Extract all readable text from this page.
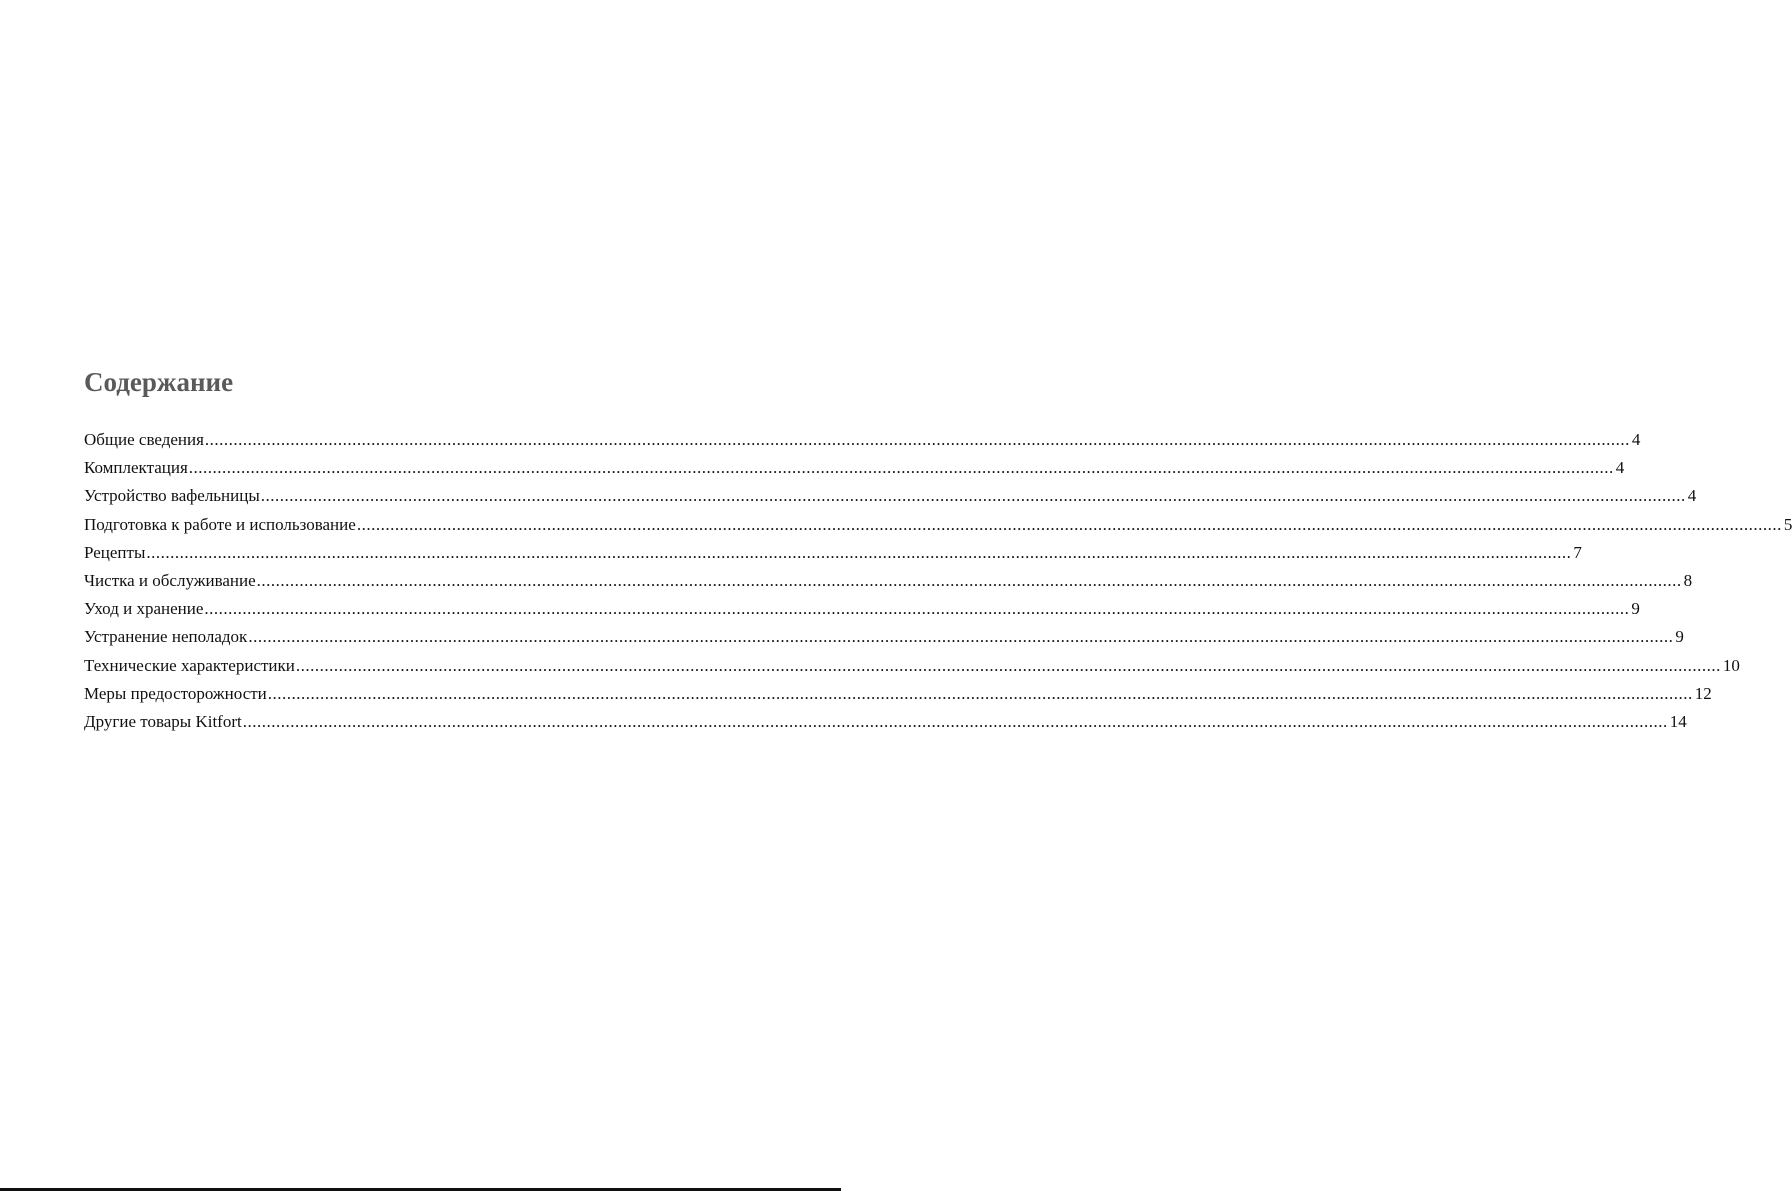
Содержание
Общие сведения ............................................................................................................................................................................................................................................................................................................ 4
Комплектация ............................................................................................................................................................................................................................................................................................................ 4
Устройство вафельницы ............................................................................................................................................................................................................................................................................................................ 4
Подготовка к работе и использование ............................................................................................................................................................................................................................................................................................................ 5
Рецепты ............................................................................................................................................................................................................................................................................................................ 7
Чистка и обслуживание ............................................................................................................................................................................................................................................................................................................ 8
Уход и хранение ............................................................................................................................................................................................................................................................................................................ 9
Устранение неполадок ............................................................................................................................................................................................................................................................................................................ 9
Технические характеристики ............................................................................................................................................................................................................................................................................................................ 10
Меры предосторожности ............................................................................................................................................................................................................................................................................................................ 12
Другие товары Kitfort ............................................................................................................................................................................................................................................................................................................ 14
